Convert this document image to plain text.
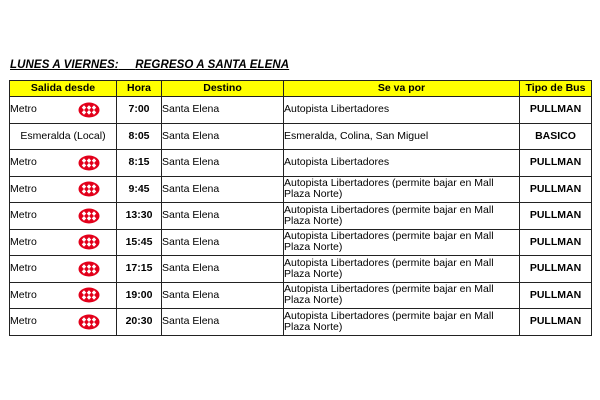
LUNES A VIERNES: REGRESO A SANTA ELENA
Salida desde	Hora	Destino	Se va por	Tipo de Bus

Metro	7:00	Santa Elena	Autopista Libertadores	PULLMAN

Esmeralda (Local)	8:05	Santa Elena	Esmeralda, Colina, San Miguel	BASICO

Metro	8:15	Santa Elena	Autopista Libertadores	PULLMAN

Metro	9:45	Santa Elena	Autopista Libertadores (permite bajar en Mall Plaza Norte)	PULLMAN

Metro	13:30	Santa Elena	Autopista Libertadores (permite bajar en Mall Plaza Norte)	PULLMAN

Metro	15:45	Santa Elena	Autopista Libertadores (permite bajar en Mall Plaza Norte)	PULLMAN

Metro	17:15	Santa Elena	Autopista Libertadores (permite bajar en Mall Plaza Norte)	PULLMAN

Metro	19:00	Santa Elena	Autopista Libertadores (permite bajar en Mall Plaza Norte)	PULLMAN

Metro	20:30	Santa Elena	Autopista Libertadores (permite bajar en Mall Plaza Norte)	PULLMAN
